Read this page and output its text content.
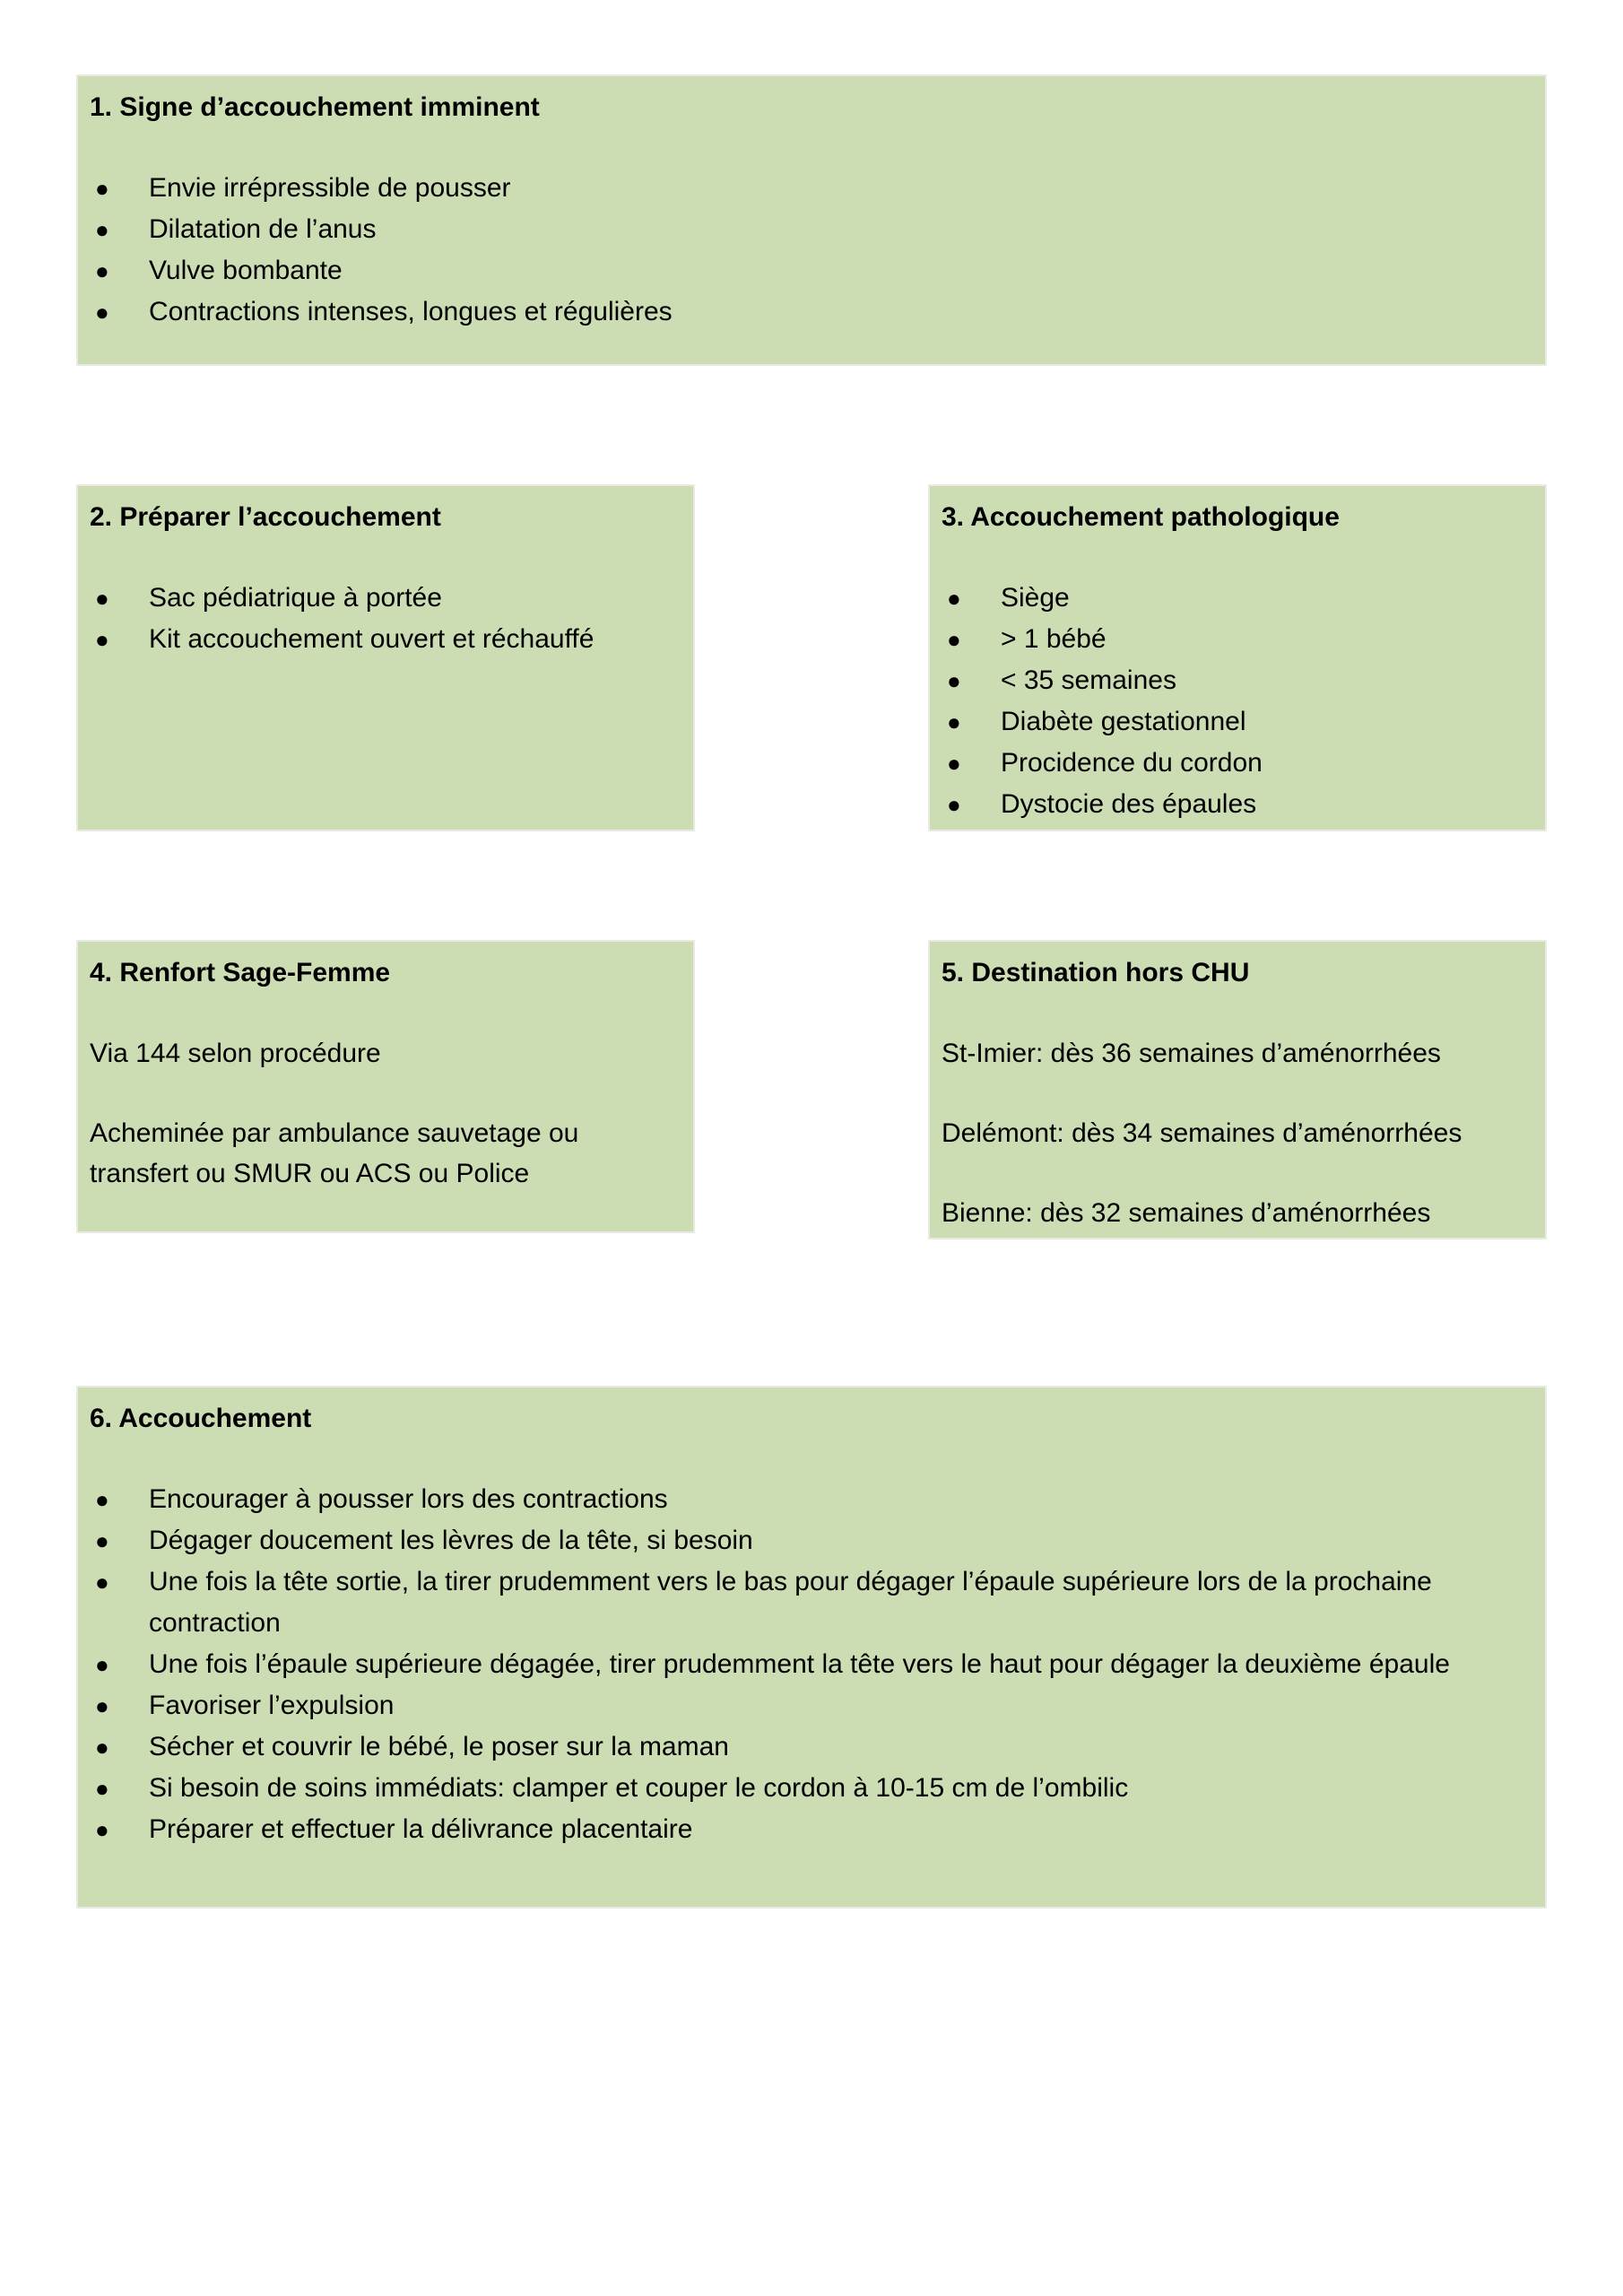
1. Signe d’accouchement imminent
● Envie irrépressible de pousser
● Dilatation de l’anus
● Vulve bombante
● Contractions intenses, longues et régulières
2. Préparer l’accouchement
● Sac pédiatrique à portée
● Kit accouchement ouvert et réchauffé
3. Accouchement pathologique
● Siège
● > 1 bébé
● < 35 semaines
● Diabète gestationnel
● Procidence du cordon
● Dystocie des épaules
4. Renfort Sage-Femme

Via 144 selon procédure

Acheminée par ambulance sauvetage ou transfert ou SMUR ou ACS ou Police

5. Destination hors CHU

St-Imier: dès 36 semaines d’aménorrhées

Delémont: dès 34 semaines d’aménorrhées

Bienne: dès 32 semaines d’aménorrhées

6. Accouchement
● Encourager à pousser lors des contractions
● Dégager doucement les lèvres de la tête, si besoin
● Une fois la tête sortie, la tirer prudemment vers le bas pour dégager l’épaule supérieure lors de la prochaine contraction
● Une fois l’épaule supérieure dégagée, tirer prudemment la tête vers le haut pour dégager la deuxième épaule
● Favoriser l’expulsion
● Sécher et couvrir le bébé, le poser sur la maman
● Si besoin de soins immédiats: clamper et couper le cordon à 10-15 cm de l’ombilic
● Préparer et effectuer la délivrance placentaire
